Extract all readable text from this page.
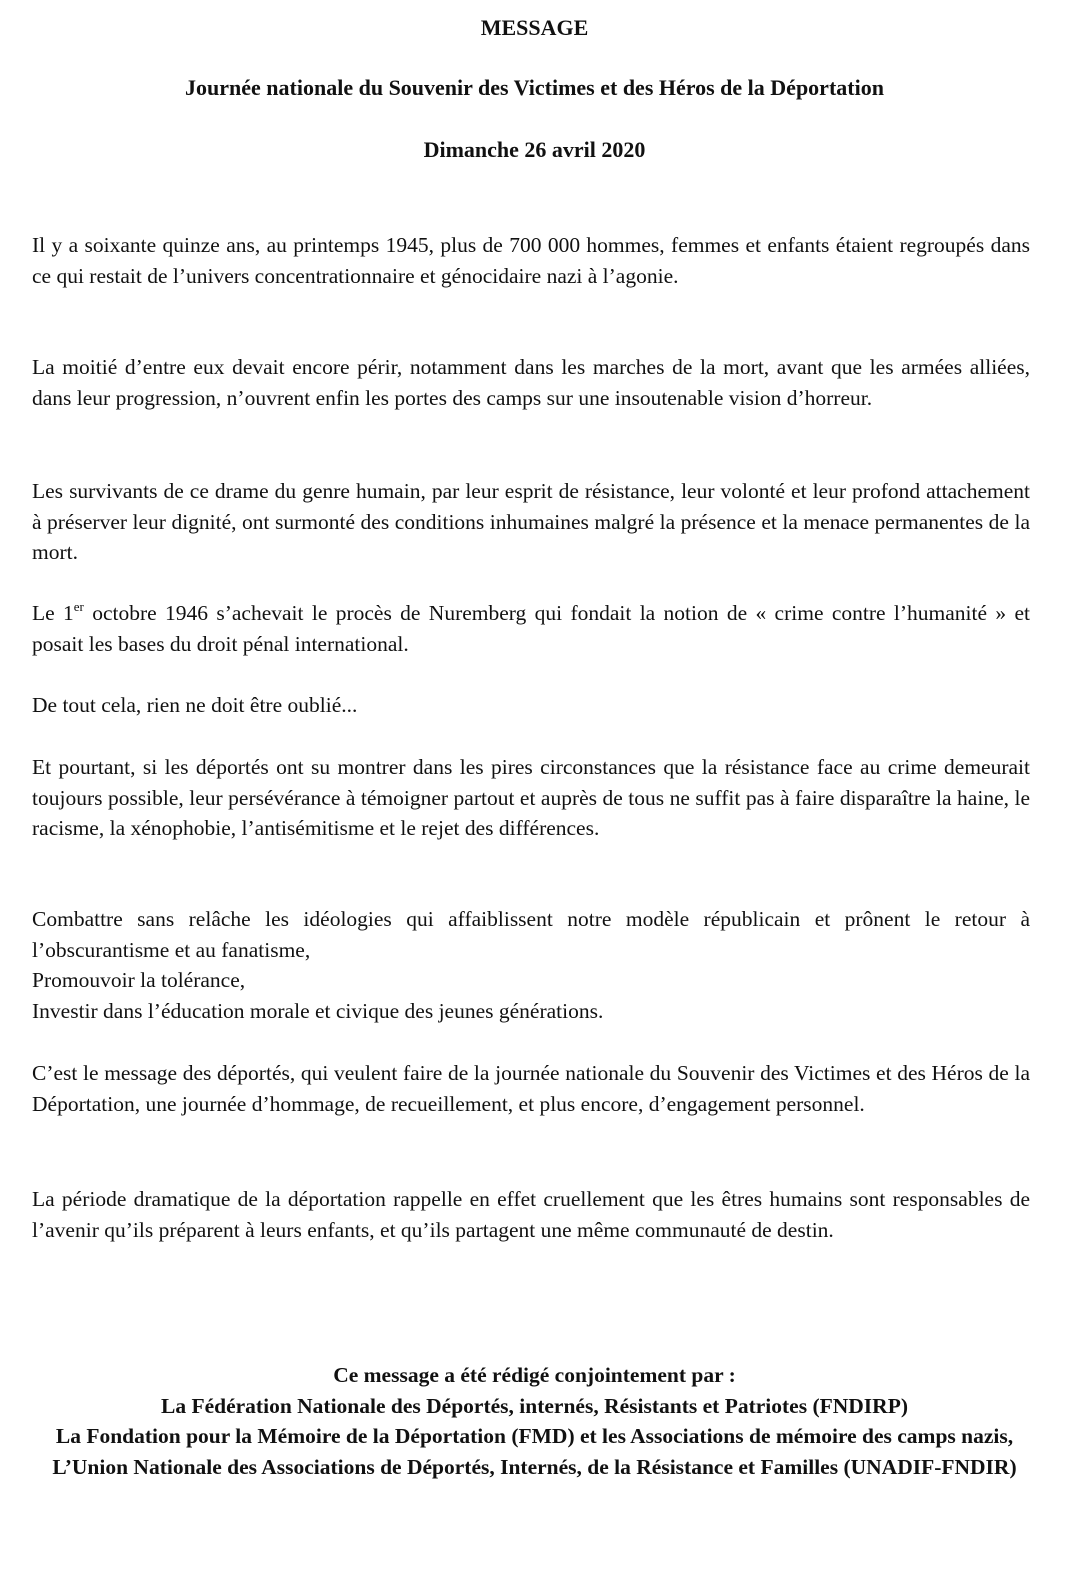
MESSAGE
Journée nationale du Souvenir des Victimes et des Héros de la Déportation
Dimanche 26 avril 2020

Il y a soixante quinze ans, au printemps 1945, plus de 700 000 hommes, femmes et enfants étaient regroupés dans ce qui restait de l’univers concentrationnaire et génocidaire nazi à l’agonie.

La moitié d’entre eux devait encore périr, notamment dans les marches de la mort, avant que les armées alliées, dans leur progression, n’ouvrent enfin les portes des camps sur une insoutenable vision d’horreur.

Les survivants de ce drame du genre humain, par leur esprit de résistance, leur volonté et leur profond attachement à préserver leur dignité, ont surmonté des conditions inhumaines malgré la présence et la menace permanentes de la mort.

Le 1er octobre 1946 s’achevait le procès de Nuremberg qui fondait la notion de « crime contre l’humanité » et posait les bases du droit pénal international.

De tout cela, rien ne doit être oublié...

Et pourtant, si les déportés ont su montrer dans les pires circonstances que la résistance face au crime demeurait toujours possible, leur persévérance à témoigner partout et auprès de tous ne suffit pas à faire disparaître la haine, le racisme, la xénophobie, l’antisémitisme et le rejet des différences.

Combattre sans relâche les idéologies qui affaiblissent notre modèle républicain et prônent le retour à l’obscurantisme et au fanatisme,
Promouvoir la tolérance,
Investir dans l’éducation morale et civique des jeunes générations.

C’est le message des déportés, qui veulent faire de la journée nationale du Souvenir des Victimes et des Héros de la Déportation, une journée d’hommage, de recueillement, et plus encore, d’engagement personnel.

La période dramatique de la déportation rappelle en effet cruellement que les êtres humains sont responsables de l’avenir qu’ils préparent à leurs enfants, et qu’ils partagent une même communauté de destin.

Ce message a été rédigé conjointement par :
La Fédération Nationale des Déportés, internés, Résistants et Patriotes (FNDIRP)
La Fondation pour la Mémoire de la Déportation (FMD) et les Associations de mémoire des camps nazis,
L’Union Nationale des Associations de Déportés, Internés, de la Résistance et Familles (UNADIF-FNDIR)
